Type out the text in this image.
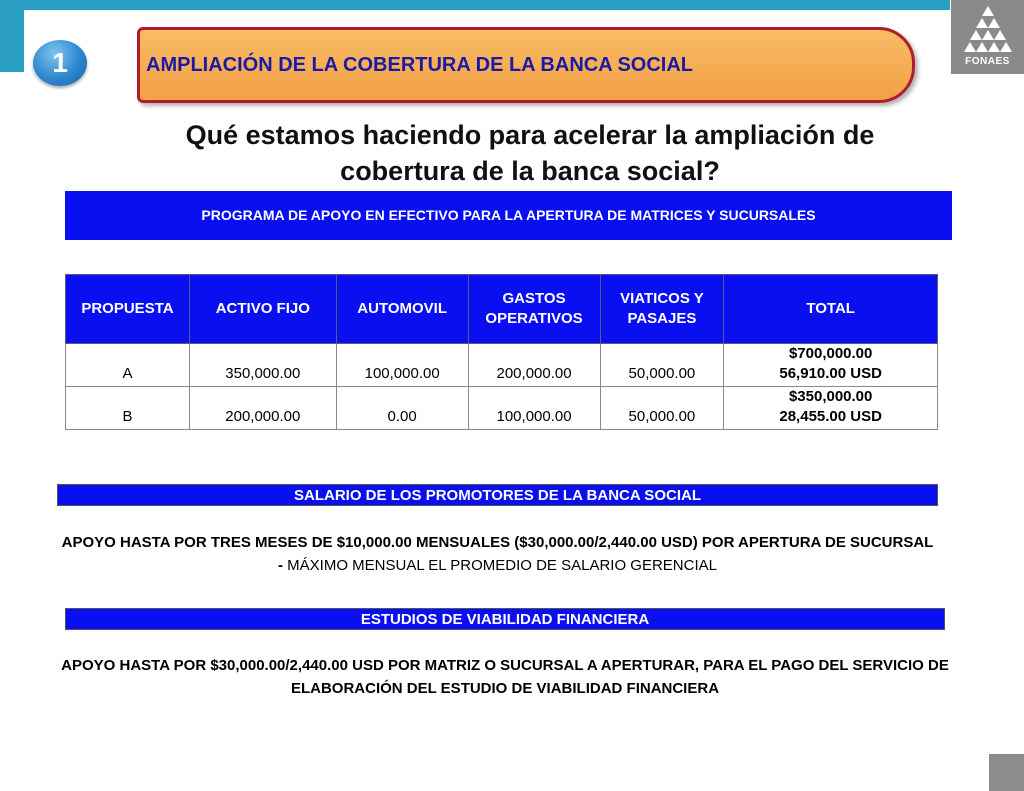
FONAES
AMPLIACIÓN DE LA COBERTURA DE LA BANCA SOCIAL
1
Qué estamos haciendo para acelerar la ampliación de
cobertura de la banca social?
PROGRAMA DE APOYO EN EFECTIVO PARA LA APERTURA DE MATRICES Y SUCURSALES
PROPUESTA	ACTIVO FIJO	AUTOMOVIL	GASTOS OPERATIVOS	VIATICOS Y PASAJES	TOTAL
A	350,000.00	100,000.00	200,000.00	50,000.00	$700,000.00
56,910.00 USD

B	200,000.00	0.00	100,000.00	50,000.00	$350,000.00
28,455.00 USD
SALARIO DE LOS PROMOTORES DE LA BANCA SOCIAL
APOYO HASTA POR TRES MESES DE $10,000.00 MENSUALES ($30,000.00/2,440.00 USD) POR APERTURA DE SUCURSAL - MÁXIMO MENSUAL EL PROMEDIO DE SALARIO GERENCIAL
ESTUDIOS DE VIABILIDAD FINANCIERA
APOYO HASTA POR $30,000.00/2,440.00 USD POR MATRIZ O SUCURSAL A APERTURAR, PARA EL PAGO DEL SERVICIO DE ELABORACIÓN DEL ESTUDIO DE VIABILIDAD FINANCIERA
